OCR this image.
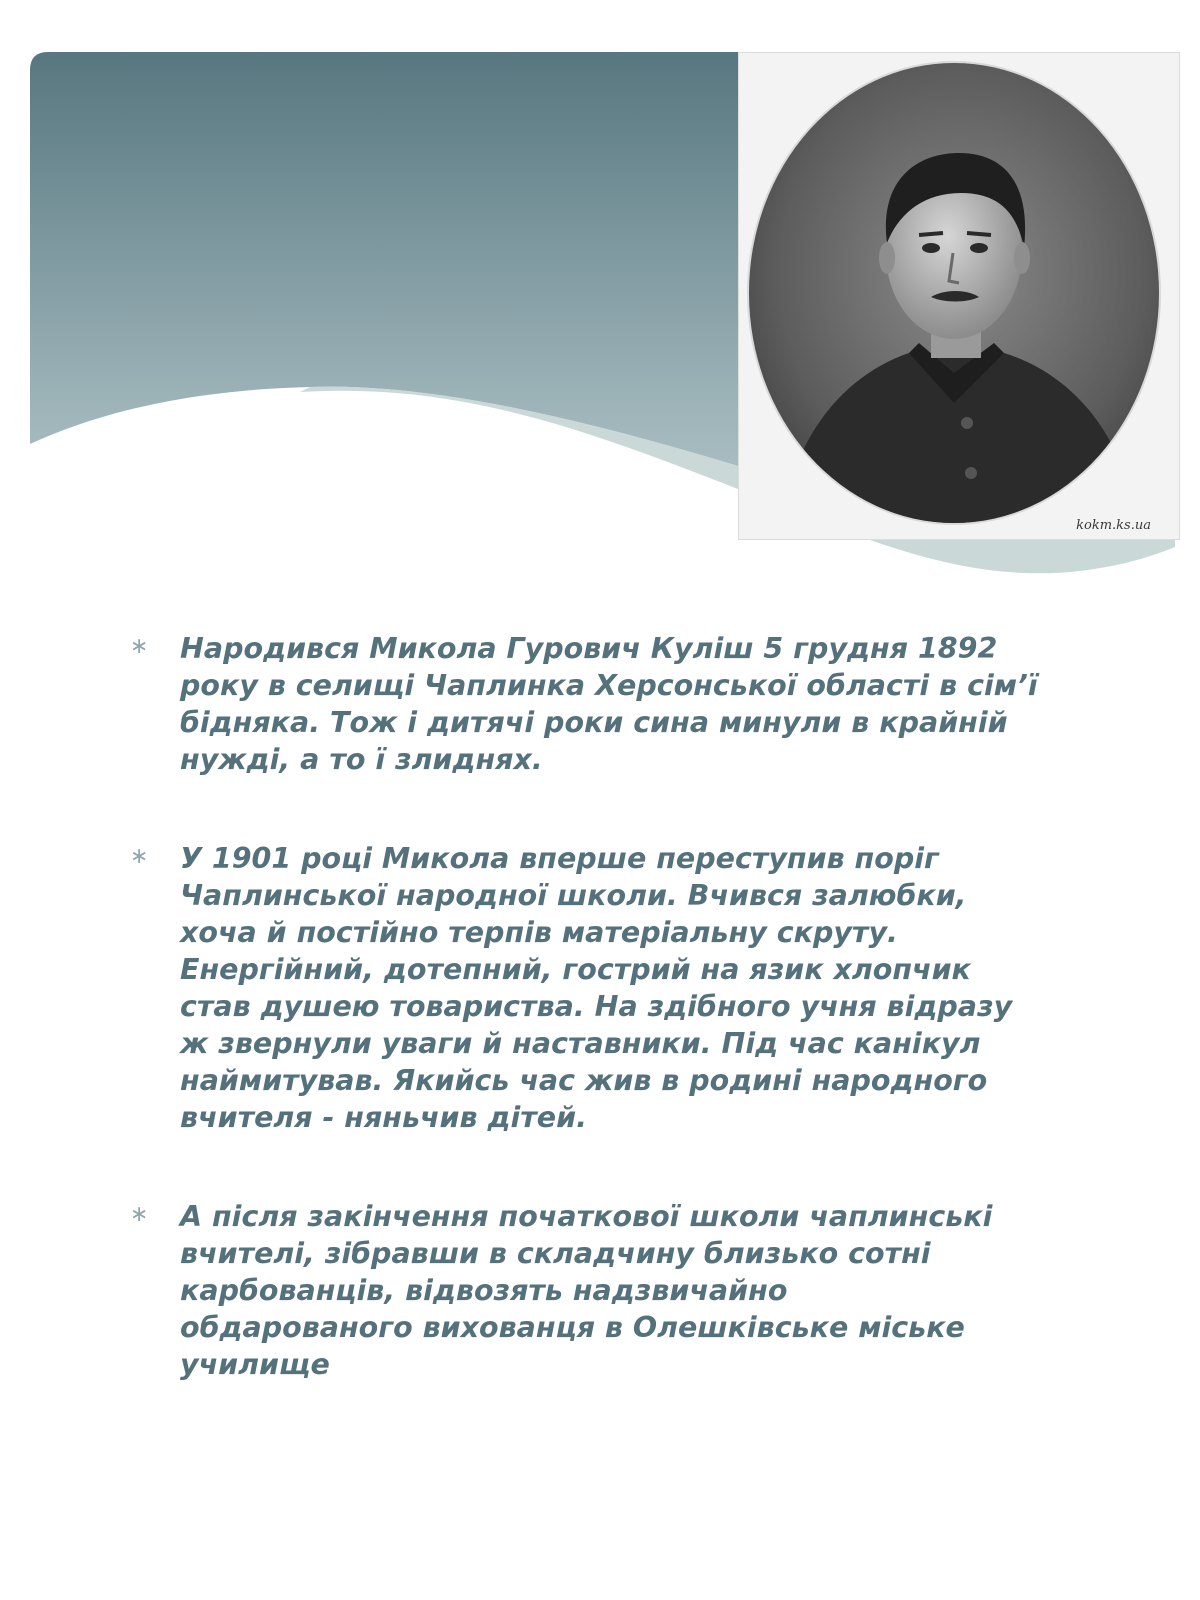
kokm.ks.ua
∗ Народився Микола Гурович Куліш 5 грудня 1892
року в селищі Чаплинка Херсонської області в сім’ї
бідняка. Тож і дитячі роки сина минули в крайній
нужді, а то ї злиднях.
∗ У 1901 році Микола вперше переступив поріг
Чаплинської народної школи. Вчився залюбки,
хоча й постійно терпів матеріальну скруту.
Енергійний, дотепний, гострий на язик хлопчик
став душею товариства. На здібного учня відразу
ж звернули уваги й наставники. Під час канікул
наймитував. Якийсь час жив в родині народного
вчителя - няньчив дітей.
∗ А після закінчення початкової школи чаплинські
вчителі, зібравши в складчину близько сотні
карбованців, відвозять надзвичайно
обдарованого вихованця в Олешківське міське
училище
